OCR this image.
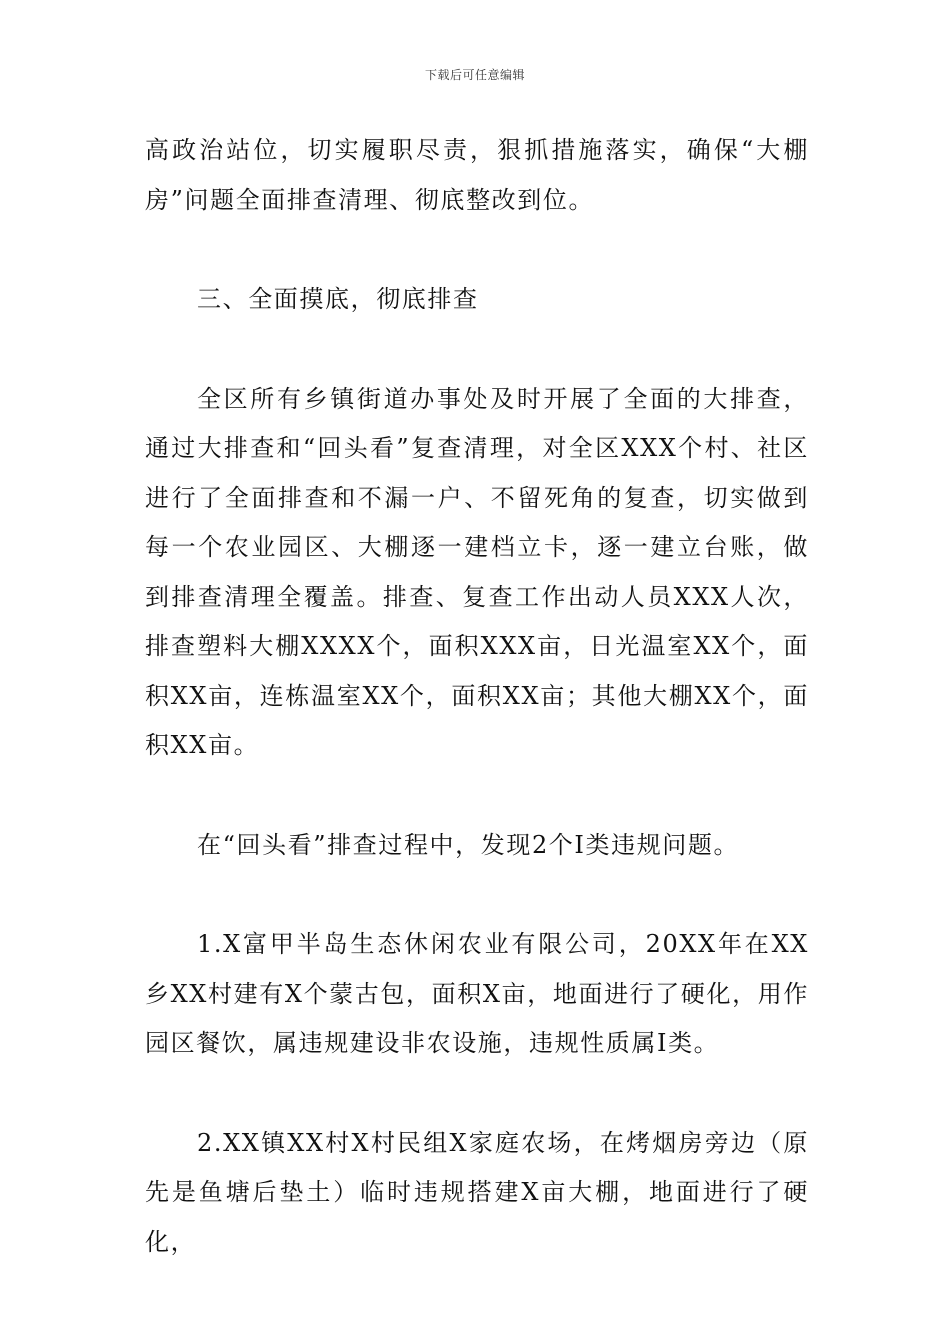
下载后可任意编辑

高政治站位，切实履职尽责，狠抓措施落实，确保“大棚房”问题全面排查清理、彻底整改到位。

三、全面摸底，彻底排查

全区所有乡镇街道办事处及时开展了全面的大排查，通过大排查和“回头看”复查清理，对全区XXX个村、社区进行了全面排查和不漏一户、不留死角的复查，切实做到每一个农业园区、大棚逐一建档立卡，逐一建立台账，做到排查清理全覆盖。排查、复查工作出动人员XXX人次，排查塑料大棚XXXX个，面积XXX亩，日光温室XX个，面积XX亩，连栋温室XX个，面积XX亩；其他大棚XX个，面积XX亩。

在“回头看”排查过程中，发现2个Ⅰ类违规问题。

1.X富甲半岛生态休闲农业有限公司，20XX年在XX乡XX村建有X个蒙古包，面积X亩，地面进行了硬化，用作园区餐饮，属违规建设非农设施，违规性质属Ⅰ类。

2.XX镇XX村X村民组X家庭农场，在烤烟房旁边（原先是鱼塘后垫土）临时违规搭建X亩大棚，地面进行了硬化，
